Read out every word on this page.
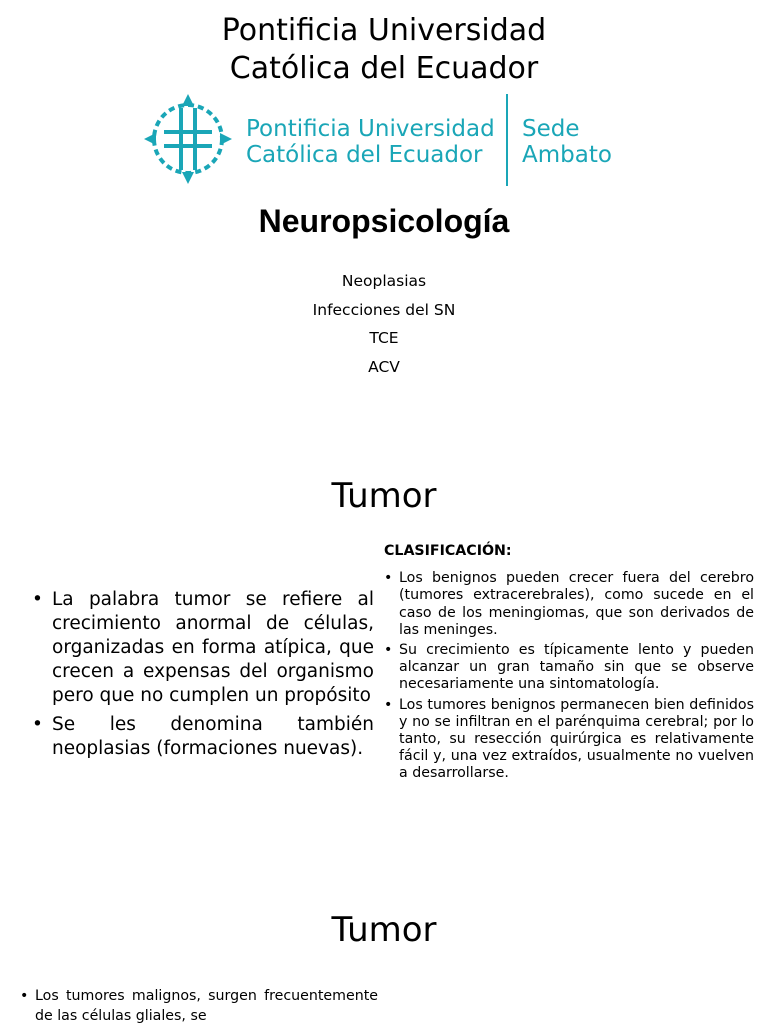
Pontificia Universidad
Católica del Ecuador
Pontificia Universidad
Católica del Ecuador
Sede
Ambato
Neuropsicología
Neoplasias
Infecciones del SN
TCE
ACV
Tumor
• La palabra tumor se refiere al crecimiento anormal de células, organizadas en forma atípica, que crecen a expensas del organismo pero que no cumplen un propósito
• Se les denomina también neoplasias (formaciones nuevas).
CLASIFICACIÓN:
• Los benignos pueden crecer fuera del cerebro (tumores extracerebrales), como sucede en el caso de los meningiomas, que son derivados de las meninges.
• Su crecimiento es típicamente lento y pueden alcanzar un gran tamaño sin que se observe necesariamente una sintomatología.
• Los tumores benignos permanecen bien definidos y no se infiltran en el parénquima cerebral; por lo tanto, su resección quirúrgica es relativamente fácil y, una vez extraídos, usualmente no vuelven a desarrollarse.
Tumor
• Los tumores malignos, surgen frecuentemente de las células gliales, se
